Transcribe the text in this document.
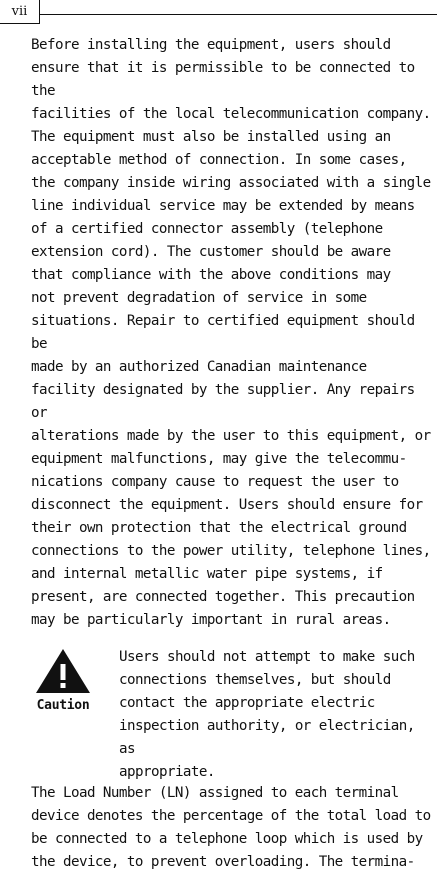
vii

Before installing the equipment, users should
ensure that it is permissible to be connected to the
facilities of the local telecommunication company.
The equipment must also be installed using an
acceptable method of connection. In some cases,
the company inside wiring associated with a single
line individual service may be extended by means
of a certified connector assembly (telephone
extension cord). The customer should be aware
that compliance with the above conditions may
not prevent degradation of service in some
situations. Repair to certified equipment should be
made by an authorized Canadian maintenance
facility designated by the supplier. Any repairs or
alterations made by the user to this equipment, or
equipment malfunctions, may give the telecommu-
nications company cause to request the user to
disconnect the equipment. Users should ensure for
their own protection that the electrical ground
connections to the power utility, telephone lines,
and internal metallic water pipe systems, if
present, are connected together. This precaution
may be particularly important in rural areas.

Caution

Users should not attempt to make such
connections themselves, but should
contact the appropriate electric
inspection authority, or electrician, as
appropriate.

The Load Number (LN) assigned to each terminal
device denotes the percentage of the total load to
be connected to a telephone loop which is used by
the device, to prevent overloading. The termina-
